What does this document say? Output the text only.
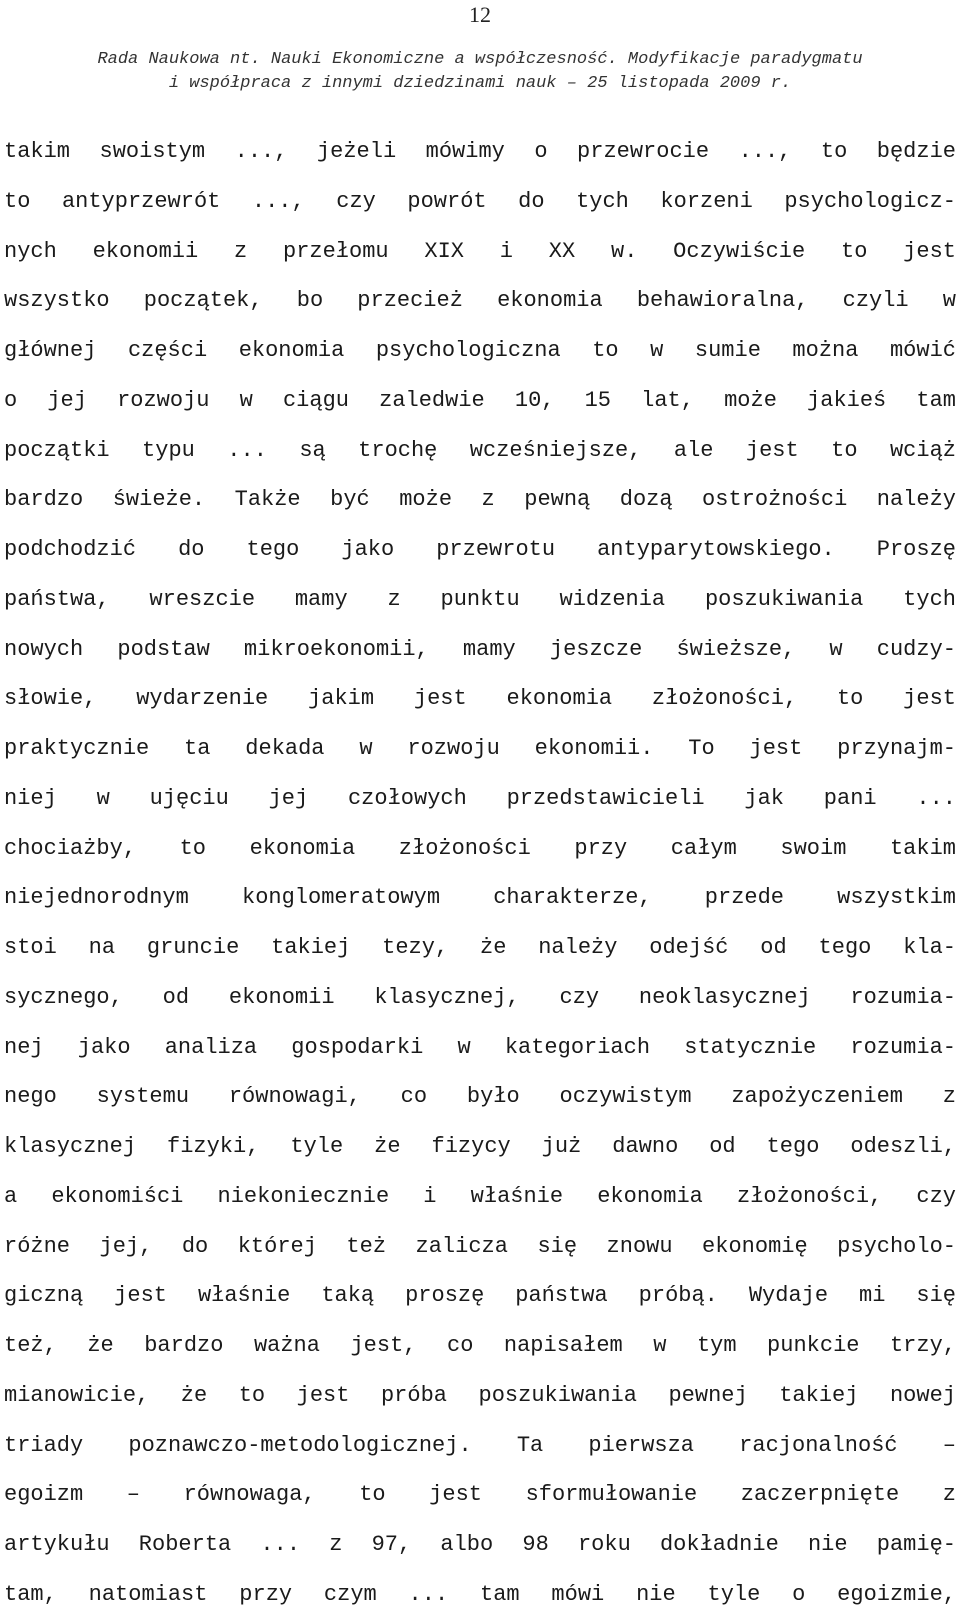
12
Rada Naukowa nt. Nauki Ekonomiczne a współczesność. Modyfikacje paradygmatu
i współpraca z innymi dziedzinami nauk – 25 listopada 2009 r.
takim swoistym ..., jeżeli mówimy o przewrocie ..., to będzie
to antyprzewrót ..., czy powrót do tych korzeni psychologicz-
nych ekonomii z przełomu XIX i XX w. Oczywiście to jest
wszystko początek, bo przecież ekonomia behawioralna, czyli w
głównej części ekonomia psychologiczna to w sumie można mówić
o jej rozwoju w ciągu zaledwie 10, 15 lat, może jakieś tam
początki typu ... są trochę wcześniejsze, ale jest to wciąż
bardzo świeże. Także być może z pewną dozą ostrożności należy
podchodzić do tego jako przewrotu antyparytowskiego. Proszę
państwa, wreszcie mamy z punktu widzenia poszukiwania tych
nowych podstaw mikroekonomii, mamy jeszcze świeższe, w cudzy-
słowie, wydarzenie jakim jest ekonomia złożoności, to jest
praktycznie ta dekada w rozwoju ekonomii. To jest przynajm-
niej w ujęciu jej czołowych przedstawicieli jak pani ...
chociażby, to ekonomia złożoności przy całym swoim takim
niejednorodnym konglomeratowym charakterze, przede wszystkim
stoi na gruncie takiej tezy, że należy odejść od tego kla-
sycznego, od ekonomii klasycznej, czy neoklasycznej rozumia-
nej jako analiza gospodarki w kategoriach statycznie rozumia-
nego systemu równowagi, co było oczywistym zapożyczeniem z
klasycznej fizyki, tyle że fizycy już dawno od tego odeszli,
a ekonomiści niekoniecznie i właśnie ekonomia złożoności, czy
różne jej, do której też zalicza się znowu ekonomię psycholo-
giczną jest właśnie taką proszę państwa próbą. Wydaje mi się
też, że bardzo ważna jest, co napisałem w tym punkcie trzy,
mianowicie, że to jest próba poszukiwania pewnej takiej nowej
triady poznawczo-metodologicznej. Ta pierwsza racjonalność –
egoizm – równowaga, to jest sformułowanie zaczerpnięte z
artykułu Roberta ... z 97, albo 98 roku dokładnie nie pamię-
tam, natomiast przy czym ... tam mówi nie tyle o egoizmie,
